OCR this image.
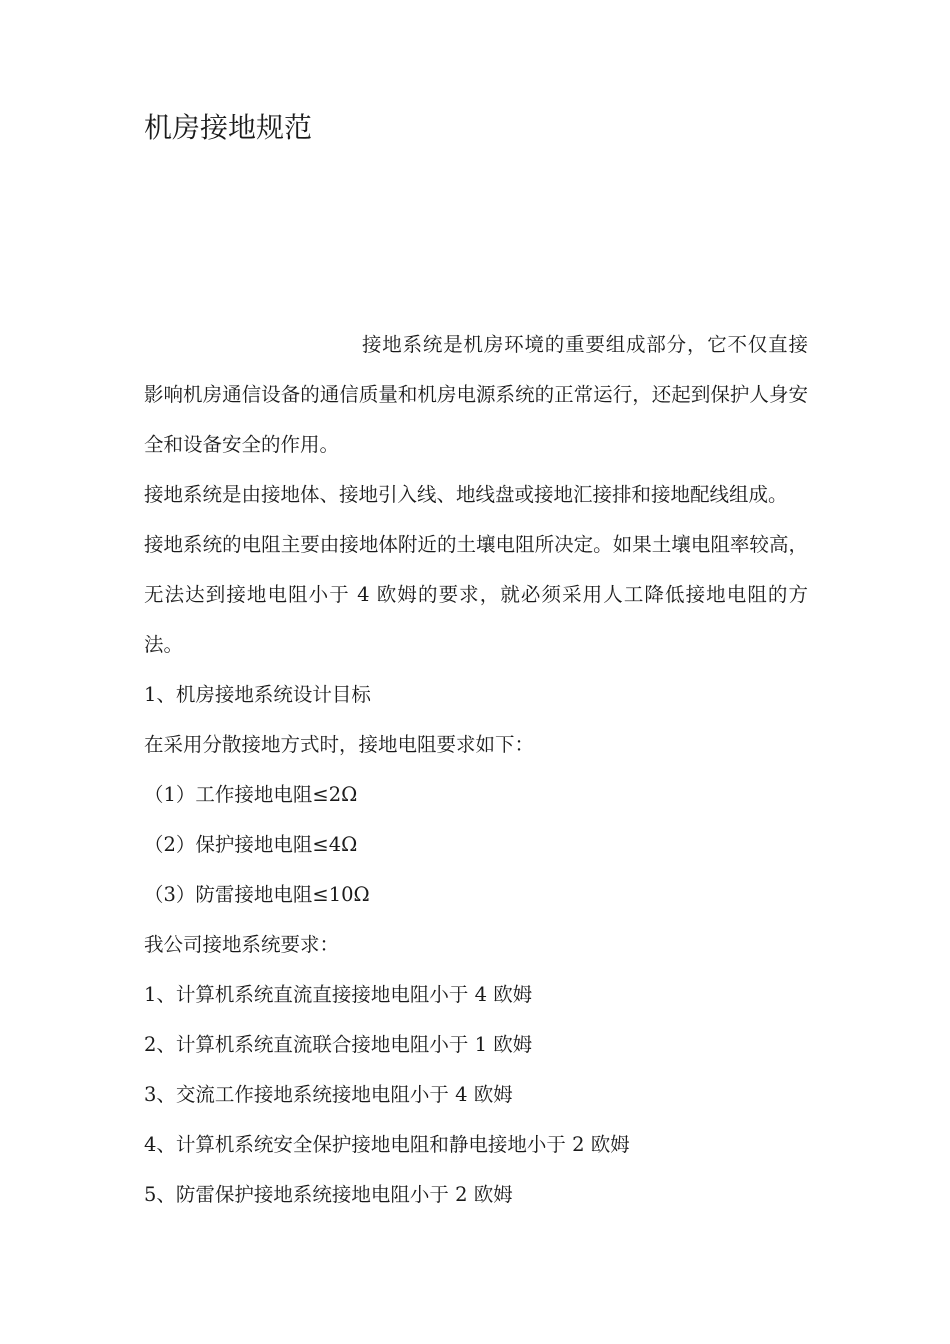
机房接地规范

接地系统是机房环境的重要组成部分，它不仅直接影响机房通信设备的通信质量和机房电源系统的正常运行，还起到保护人身安全和设备安全的作用。

接地系统是由接地体、接地引入线、地线盘或接地汇接排和接地配线组成。

接地系统的电阻主要由接地体附近的土壤电阻所决定。如果土壤电阻率较高，无法达到接地电阻小于 4 欧姆的要求，就必须采用人工降低接地电阻的方法。

1、机房接地系统设计目标

在采用分散接地方式时，接地电阻要求如下：

（1）工作接地电阻≤2Ω

（2）保护接地电阻≤4Ω

（3）防雷接地电阻≤10Ω

我公司接地系统要求：

1、计算机系统直流直接接地电阻小于 4 欧姆

2、计算机系统直流联合接地电阻小于 1 欧姆

3、交流工作接地系统接地电阻小于 4 欧姆

4、计算机系统安全保护接地电阻和静电接地小于 2 欧姆

5、防雷保护接地系统接地电阻小于 2 欧姆
